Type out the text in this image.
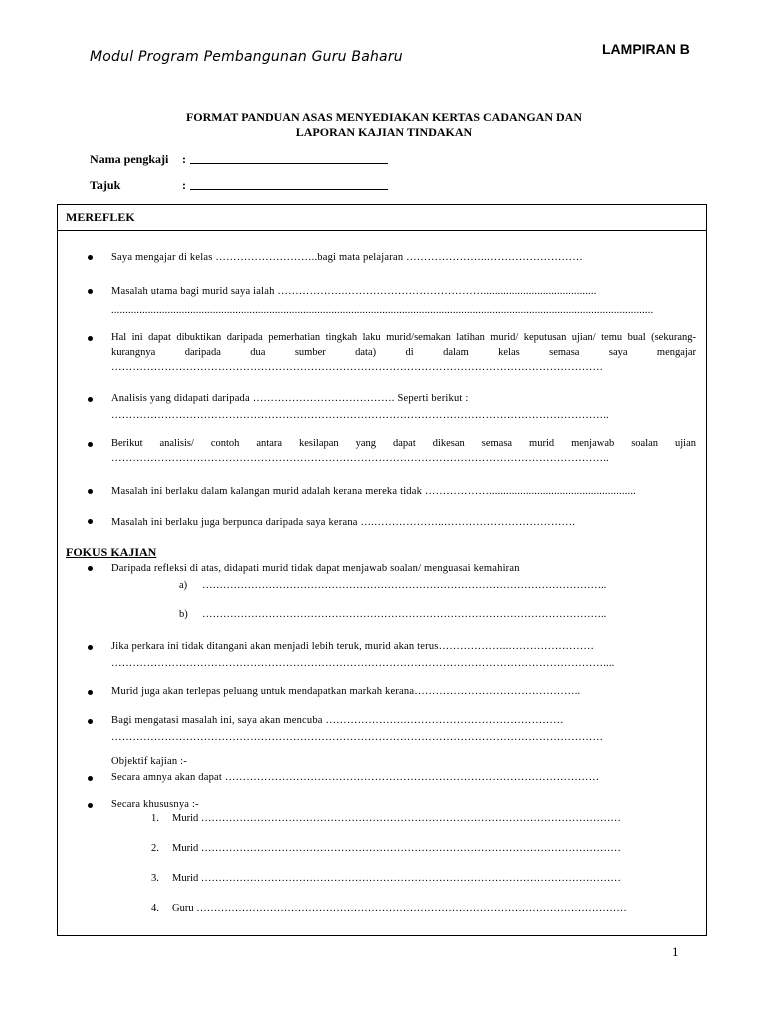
Modul Program Pembangunan Guru Baharu	LAMPIRAN B
FORMAT PANDUAN ASAS MENYEDIAKAN KERTAS CADANGAN DAN
LAPORAN KAJIAN TINDAKAN
Nama pengkaji :
Tajuk	:
MEREFLEK
Saya mengajar di kelas ………………………..bagi mata pelajaran …………………..………………………
Masalah utama bagi murid saya ialah ……………….…………………………………........................................
................................................................................................................................................................................................
Hal ini dapat dibuktikan daripada pemerhatian tingkah laku murid/semakan latihan murid/ keputusan ujian/ temu bual (sekurang-kurangnya daripada dua sumber data) di dalam kelas semasa saya mengajar
…………………………………………………………………………………………………………………………
Analisis yang didapati daripada …………………………………. Seperti berikut :
…………………………………………………………………………………………………………………………..
Berikut analisis/ contoh antara kesilapan yang dapat dikesan semasa murid menjawab soalan ujian
…………………………………………………………………………………………………………………………..
Masalah ini berlaku dalam kalangan murid adalah kerana mereka tidak ………………....................................................
Masalah ini berlaku juga berpunca daripada saya kerana ….………………..……………………………….
FOKUS KAJIAN
Daripada refleksi di atas, didapati murid tidak dapat menjawab soalan/ menguasai kemahiran
a) ……………………………………………………………………………………………………..
b) ……………………………………………………………………………………………………..
Jika perkara ini tidak ditangani akan menjadi lebih teruk, murid akan terus………………..……………………
…………………………………………………………………………………………………………………………....
Murid juga akan terlepas peluang untuk mendapatkan markah kerana………………………………………..
Bagi mengatasi masalah ini, saya akan mencuba ………………….………………………………………
…………………………………………………………………………………………………………………………
Objektif kajian :-
Secara amnya akan dapat ……………………………………………………………………………………………
Secara khususnya :-
1. Murid …………………………………………………………………………………………………………
2. Murid …………………………………………………………………………………………………………
3. Murid …………………………………………………………………………………………………………
4. Guru ……………………………………………………………………………………………………………
1
